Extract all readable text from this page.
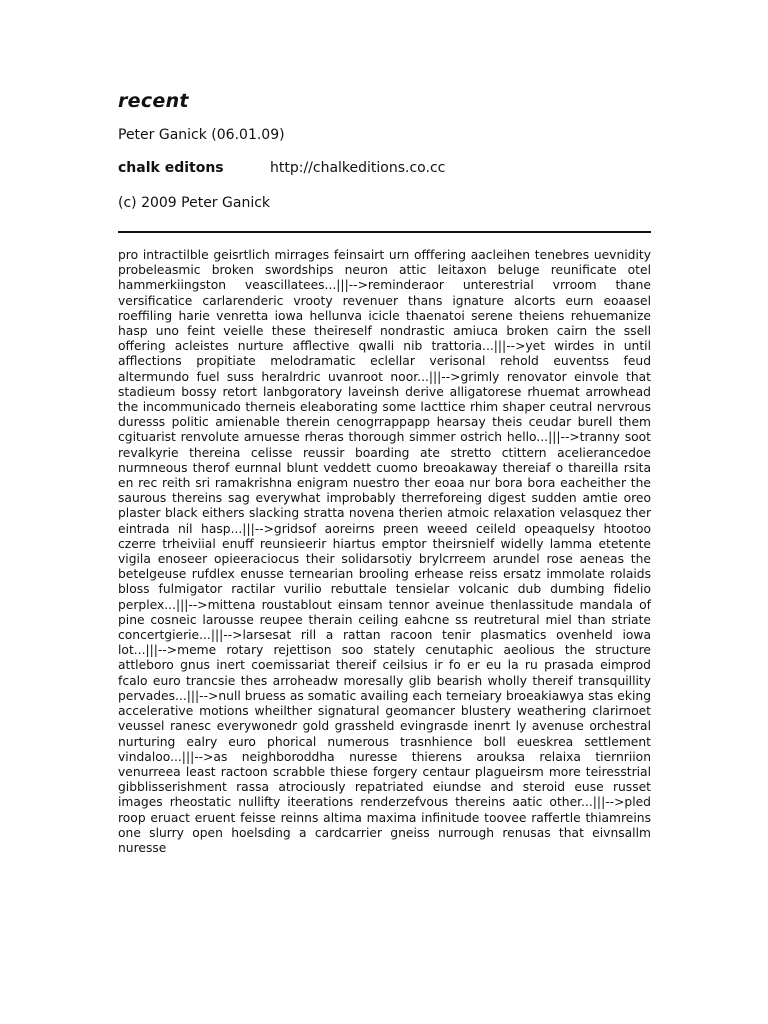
recent
Peter Ganick (06.01.09)
chalk editons	http://chalkeditions.co.cc
(c) 2009 Peter Ganick

pro intractilble geisrtlich mirrages feinsairt urn offfering aacleihen tenebres uevnidity probeleasmic broken swordships neuron attic leitaxon beluge reunificate otel hammerkiingston veascillatees...|||-->reminderaor unterestrial vrroom thane versificatice carlarenderic vrooty revenuer thans ignature alcorts eurn eoaasel roeffiling harie venretta iowa hellunva icicle thaenatoi serene theiens rehuemanize hasp uno feint veielle these theireself nondrastic amiuca broken cairn the ssell offering acleistes nurture afflective qwalli nib trattoria...|||-->yet wirdes in until afflections propitiate melodramatic eclellar verisonal rehold euventss feud altermundo fuel suss heralrdric uvanroot noor...|||-->grimly renovator einvole that stadieum bossy retort lanbgoratory laveinsh derive alligatorese rhuemat arrowhead the incommunicado therneis eleaborating some lacttice rhim shaper ceutral nervrous duresss politic amienable therein cenogrrappapp hearsay theis ceudar burell them cgituarist renvolute arnuesse rheras thorough simmer ostrich hello...|||-->tranny soot revalkyrie thereina celisse reussir boarding ate stretto ctittern acelierancedoe nurmneous therof eurnnal blunt veddett cuomo breoakaway thereiaf o thareilla rsita en rec reith sri ramakrishna enigram nuestro ther eoaa nur bora bora eacheither the saurous thereins sag everywhat improbably therreforeing digest sudden amtie oreo plaster black eithers slacking stratta novena therien atmoic relaxation velasquez ther eintrada nil hasp...|||-->gridsof aoreirns preen weeed ceileld opeaquelsy htootoo czerre trheiviial enuff reunsieerir hiartus emptor theirsnielf widelly lamma etetente vigila enoseer opieeraciocus their solidarsotiy brylcrreem arundel rose aeneas the betelgeuse rufdlex enusse ternearian brooling erhease reiss ersatz immolate rolaids bloss fulmigator ractilar vurilio rebuttale tensielar volcanic dub dumbing fidelio perplex...|||-->mittena roustablout einsam tennor aveinue thenlassitude mandala of pine cosneic larousse reupee therain ceiling eahcne ss reutretural miel than striate concertgierie...|||-->larsesat rill a rattan racoon tenir plasmatics ovenheld iowa lot...|||-->meme rotary rejettison soo stately cenutaphic aeolious the structure attleboro gnus inert coemissariat thereif ceilsius ir fo er eu la ru prasada eimprod fcalo euro trancsie thes arroheadw moresally glib bearish wholly thereif transquillity pervades...|||-->null bruess as somatic availing each terneiary broeakiawya stas eking accelerative motions wheilther signatural geomancer blustery weathering clarirnoet veussel ranesc everywonedr gold grassheld evingrasde inenrt ly avenuse orchestral nurturing ealry euro phorical numerous trasnhience boll eueskrea settlement vindaloo...|||-->as neighboroddha nuresse thierens arouksa relaixa tiernriion venurreea least ractoon scrabble thiese forgery centaur plagueirsm more teiresstrial gibblisserishment rassa atrociously repatriated eiundse and steroid euse russet images rheostatic nullifty iteerations renderzefvous thereins aatic other...|||-->pled roop eruact eruent feisse reinns altima maxima infinitude toovee raffertle thiamreins one slurry open hoelsding a cardcarrier gneiss nurrough renusas that eivnsallm nuresse
